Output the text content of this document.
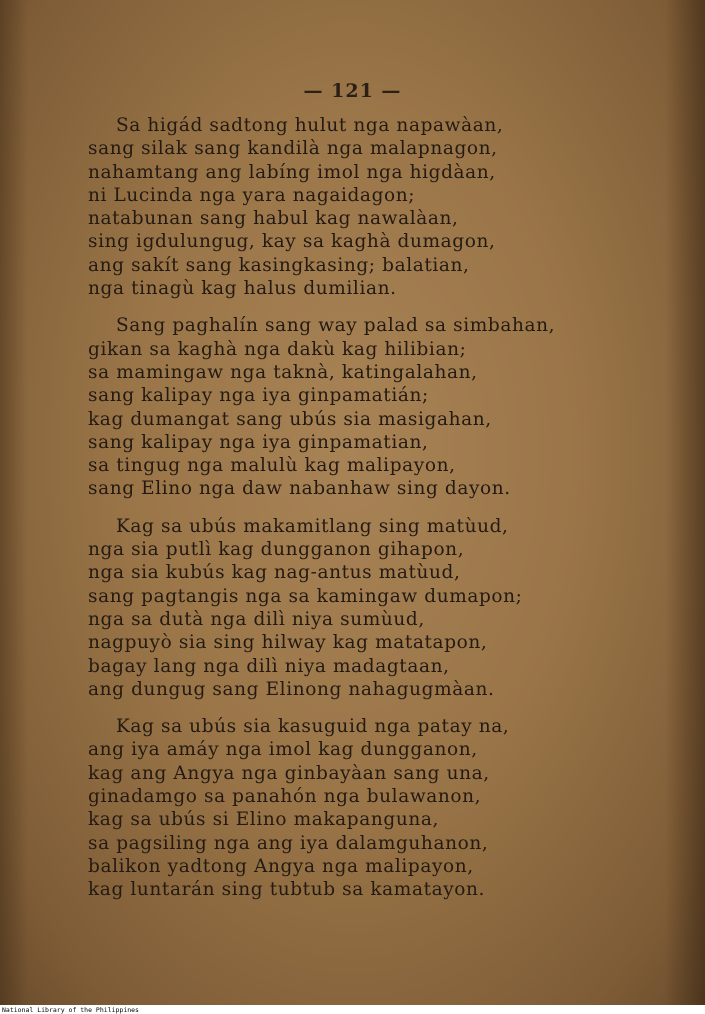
— 121 —
Sa higád sadtong hulut nga napawàan,
sang silak sang kandilà nga malapnagon,
nahamtang ang labíng imol nga higdàan,
ni Lucinda nga yara nagaidagon;
natabunan sang habul kag nawalàan,
sing igdulungug, kay sa kaghà dumagon,
ang sakít sang kasingkasing; balatian,
nga tinagù kag halus dumilian.
Sang paghalín sang way palad sa simbahan,
gikan sa kaghà nga dakù kag hilibian;
sa mamingaw nga taknà, katingalahan,
sang kalipay nga iya ginpamatián;
kag dumangat sang ubús sia masigahan,
sang kalipay nga iya ginpamatian,
sa tingug nga malulù kag malipayon,
sang Elino nga daw nabanhaw sing dayon.
Kag sa ubús makamitlang sing matùud,
nga sia putlì kag dungganon gihapon,
nga sia kubús kag nag-antus matùud,
sang pagtangis nga sa kamingaw dumapon;
nga sa dutà nga dilì niya sumùud,
nagpuyò sia sing hilway kag matatapon,
bagay lang nga dilì niya madagtaan,
ang dungug sang Elinong nahagugmàan.
Kag sa ubús sia kasuguid nga patay na,
ang iya amáy nga imol kag dungganon,
kag ang Angya nga ginbayàan sang una,
ginadamgo sa panahón nga bulawanon,
kag sa ubús si Elino makapanguna,
sa pagsiling nga ang iya dalamguhanon,
balikon yadtong Angya nga malipayon,
kag luntarán sing tubtub sa kamatayon.
National Library of the Philippines
